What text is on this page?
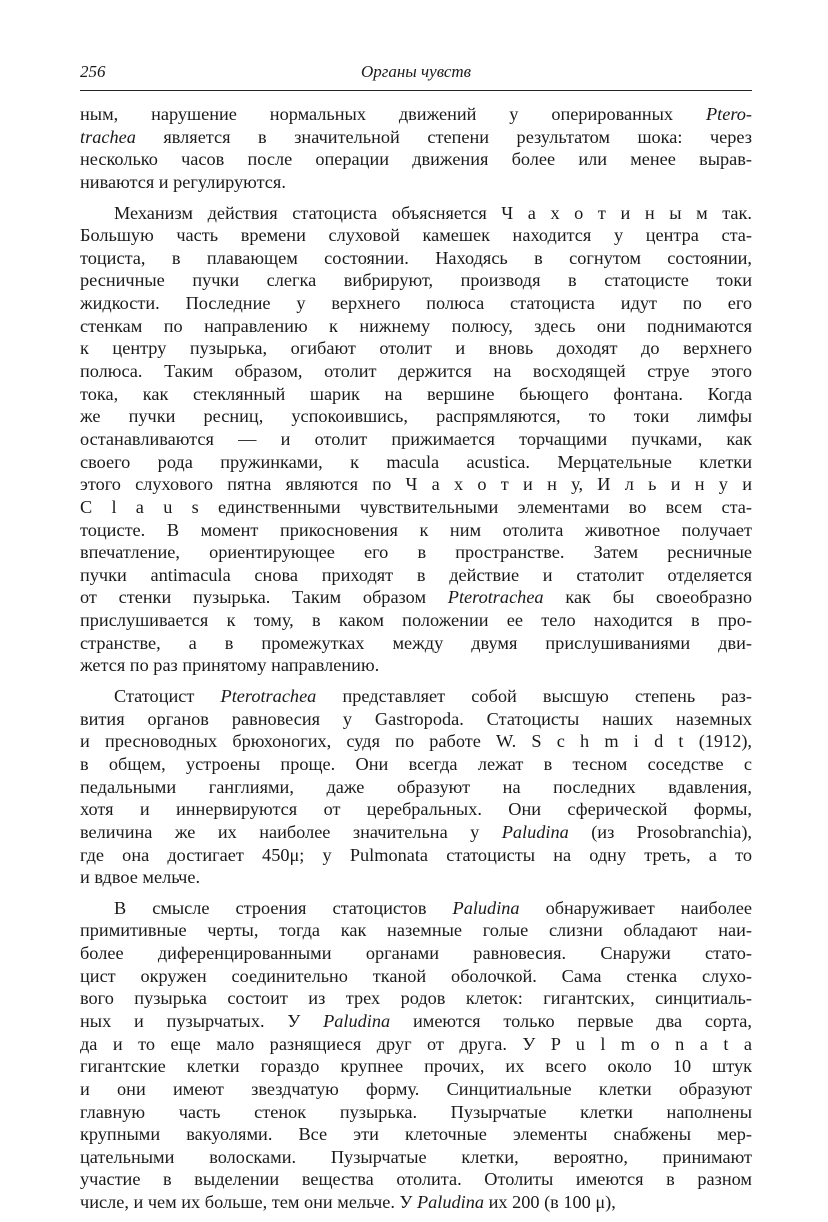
256	Органы чувств

ным, нарушение нормальных движений у оперированных Ptero-
trachea является в значительной степени результатом шока: через
несколько часов после операции движения более или менее вырав-
ниваются и регулируются.

Механизм действия статоциста объясняется Ч а х о т и н ы м так.
Большую часть времени слуховой камешек находится у центра ста-
тоциста, в плавающем состоянии. Находясь в согнутом состоянии,
ресничные пучки слегка вибрируют, производя в статоцисте токи
жидкости. Последние у верхнего полюса статоциста идут по его
стенкам по направлению к нижнему полюсу, здесь они поднимаются
к центру пузырька, огибают отолит и вновь доходят до верхнего
полюса. Таким образом, отолит держится на восходящей струе этого
тока, как стеклянный шарик на вершине бьющего фонтана. Когда
же пучки ресниц, успокоившись, распрямляются, то токи лимфы
останавливаются — и отолит прижимается торчащими пучками, как
своего рода пружинками, к macula acustica. Мерцательные клетки
этого слухового пятна являются по Ч а х о т и н у, И л ь и н у и
C l a u s единственными чувствительными элементами во всем ста-
тоцисте. В момент прикосновения к ним отолита животное получает
впечатление, ориентирующее его в пространстве. Затем ресничные
пучки antimacula снова приходят в действие и статолит отделяется
от стенки пузырька. Таким образом Pterotrachea как бы своеобразно
прислушивается к тому, в каком положении ее тело находится в про-
странстве, а в промежутках между двумя прислушиваниями дви-
жется по раз принятому направлению.

Статоцист Pterotrachea представляет собой высшую степень раз-
вития органов равновесия у Gastropoda. Статоцисты наших наземных
и пресноводных брюхоногих, судя по работе W. S c h m i d t (1912),
в общем, устроены проще. Они всегда лежат в тесном соседстве с
педальными ганглиями, даже образуют на последних вдавления,
хотя и иннервируются от церебральных. Они сферической формы,
величина же их наиболее значительна у Paludina (из Prosobranchia),
где она достигает 450μ; у Pulmonata статоцисты на одну треть, а то
и вдвое мельче.

В смысле строения статоцистов Paludina обнаруживает наиболее
примитивные черты, тогда как наземные голые слизни обладают наи-
более диференцированными органами равновесия. Снаружи стато-
цист окружен соединительно тканой оболочкой. Сама стенка слухо-
вого пузырька состоит из трех родов клеток: гигантских, синцитиаль-
ных и пузырчатых. У Paludina имеются только первые два сорта,
да и то еще мало разнящиеся друг от друга. У P u l m o n a t a
гигантские клетки гораздо крупнее прочих, их всего около 10 штук
и они имеют звездчатую форму. Синцитиальные клетки образуют
главную часть стенок пузырька. Пузырчатые клетки наполнены
крупными вакуолями. Все эти клеточные элементы снабжены мер-
цательными волосками. Пузырчатые клетки, вероятно, принимают
участие в выделении вещества отолита. Отолиты имеются в разном
числе, и чем их больше, тем они мельче. У Paludina их 200 (в 100 μ),
